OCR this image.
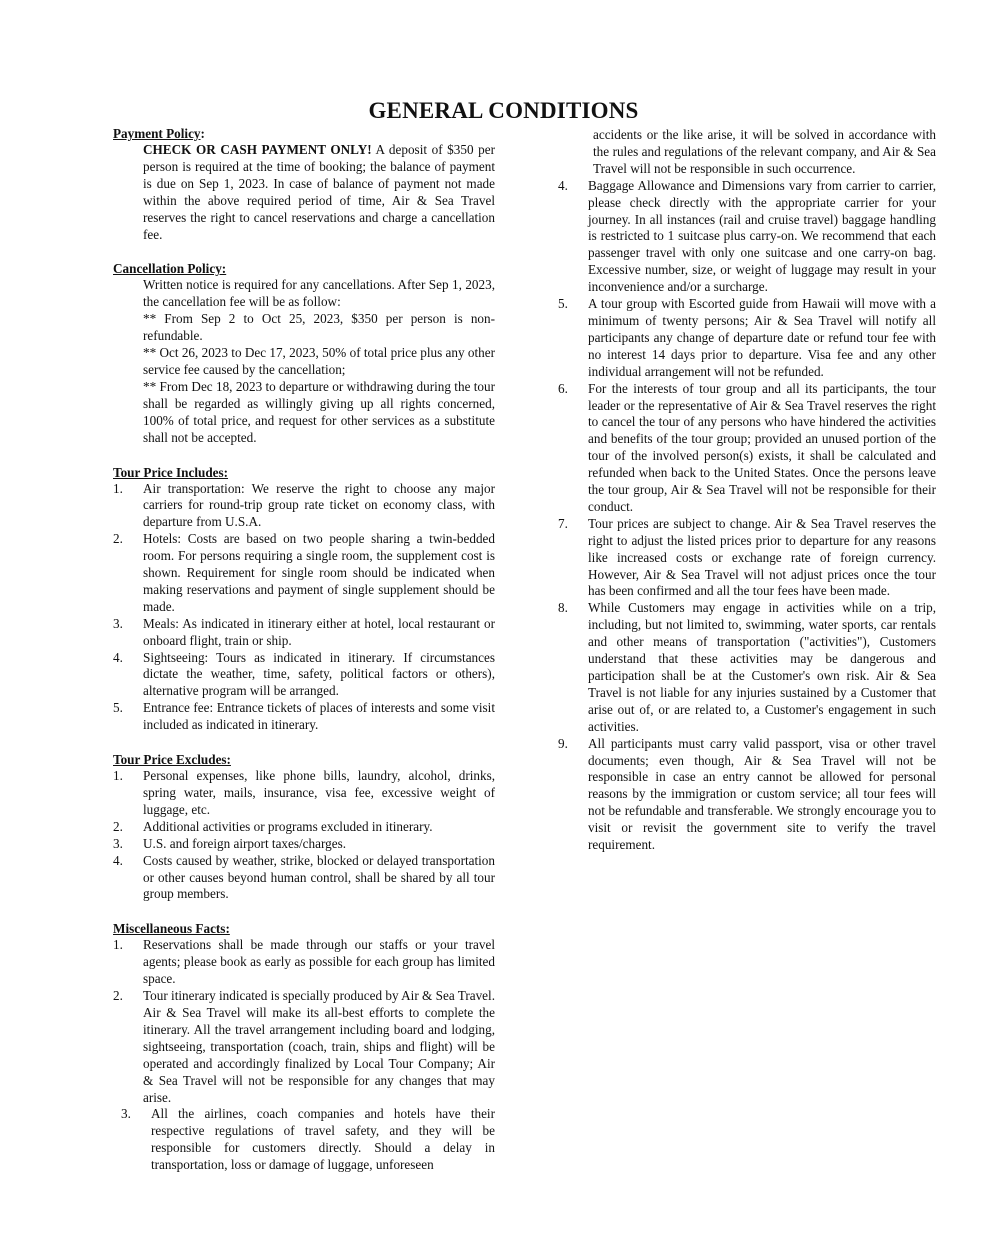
GENERAL CONDITIONS

Payment Policy:

CHECK OR CASH PAYMENT ONLY! A deposit of $350 per person is required at the time of booking; the balance of payment is due on Sep 1, 2023. In case of balance of payment not made within the above required period of time, Air & Sea Travel reserves the right to cancel reservations and charge a cancellation fee.

Cancellation Policy:

Written notice is required for any cancellations. After Sep 1, 2023, the cancellation fee will be as follow:

** From Sep 2 to Oct 25, 2023, $350 per person is non-refundable.

** Oct 26, 2023 to Dec 17, 2023, 50% of total price plus any other service fee caused by the cancellation;

** From Dec 18, 2023 to departure or withdrawing during the tour shall be regarded as willingly giving up all rights concerned, 100% of total price, and request for other services as a substitute shall not be accepted.

Tour Price Includes:

1.	Air transportation: We reserve the right to choose any major carriers for round-trip group rate ticket on economy class, with departure from U.S.A.
2.	Hotels: Costs are based on two people sharing a twin-bedded room. For persons requiring a single room, the supplement cost is shown. Requirement for single room should be indicated when making reservations and payment of single supplement should be made.
3.	Meals: As indicated in itinerary either at hotel, local restaurant or onboard flight, train or ship.
4.	Sightseeing: Tours as indicated in itinerary. If circumstances dictate the weather, time, safety, political factors or others), alternative program will be arranged.
5.	Entrance fee: Entrance tickets of places of interests and some visit included as indicated in itinerary.

Tour Price Excludes:

1.	Personal expenses, like phone bills, laundry, alcohol, drinks, spring water, mails, insurance, visa fee, excessive weight of luggage, etc.
2.	Additional activities or programs excluded in itinerary.
3.	U.S. and foreign airport taxes/charges.
4.	Costs caused by weather, strike, blocked or delayed transportation or other causes beyond human control, shall be shared by all tour group members.

Miscellaneous Facts:

1.	Reservations shall be made through our staffs or your travel agents; please book as early as possible for each group has limited space.
2.	Tour itinerary indicated is specially produced by Air & Sea Travel. Air & Sea Travel will make its all-best efforts to complete the itinerary. All the travel arrangement including board and lodging, sightseeing, transportation (coach, train, ships and flight) will be operated and accordingly finalized by Local Tour Company; Air & Sea Travel will not be responsible for any changes that may arise.
3.	All the airlines, coach companies and hotels have their respective regulations of travel safety, and they will be responsible for customers directly. Should a delay in transportation, loss or damage of luggage, unforeseen

accidents or the like arise, it will be solved in accordance with the rules and regulations of the relevant company, and Air & Sea Travel will not be responsible in such occurrence.

4.	Baggage Allowance and Dimensions vary from carrier to carrier, please check directly with the appropriate carrier for your journey. In all instances (rail and cruise travel) baggage handling is restricted to 1 suitcase plus carry-on. We recommend that each passenger travel with only one suitcase and one carry-on bag. Excessive number, size, or weight of luggage may result in your inconvenience and/or a surcharge.
5.	A tour group with Escorted guide from Hawaii will move with a minimum of twenty persons; Air & Sea Travel will notify all participants any change of departure date or refund tour fee with no interest 14 days prior to departure. Visa fee and any other individual arrangement will not be refunded.
6.	For the interests of tour group and all its participants, the tour leader or the representative of Air & Sea Travel reserves the right to cancel the tour of any persons who have hindered the activities and benefits of the tour group; provided an unused portion of the tour of the involved person(s) exists, it shall be calculated and refunded when back to the United States. Once the persons leave the tour group, Air & Sea Travel will not be responsible for their conduct.
7.	Tour prices are subject to change. Air & Sea Travel reserves the right to adjust the listed prices prior to departure for any reasons like increased costs or exchange rate of foreign currency. However, Air & Sea Travel will not adjust prices once the tour has been confirmed and all the tour fees have been made.
8.	While Customers may engage in activities while on a trip, including, but not limited to, swimming, water sports, car rentals and other means of transportation ("activities"), Customers understand that these activities may be dangerous and participation shall be at the Customer's own risk. Air & Sea Travel is not liable for any injuries sustained by a Customer that arise out of, or are related to, a Customer's engagement in such activities.
9.	All participants must carry valid passport, visa or other travel documents; even though, Air & Sea Travel will not be responsible in case an entry cannot be allowed for personal reasons by the immigration or custom service; all tour fees will not be refundable and transferable. We strongly encourage you to visit or revisit the government site to verify the travel requirement.
